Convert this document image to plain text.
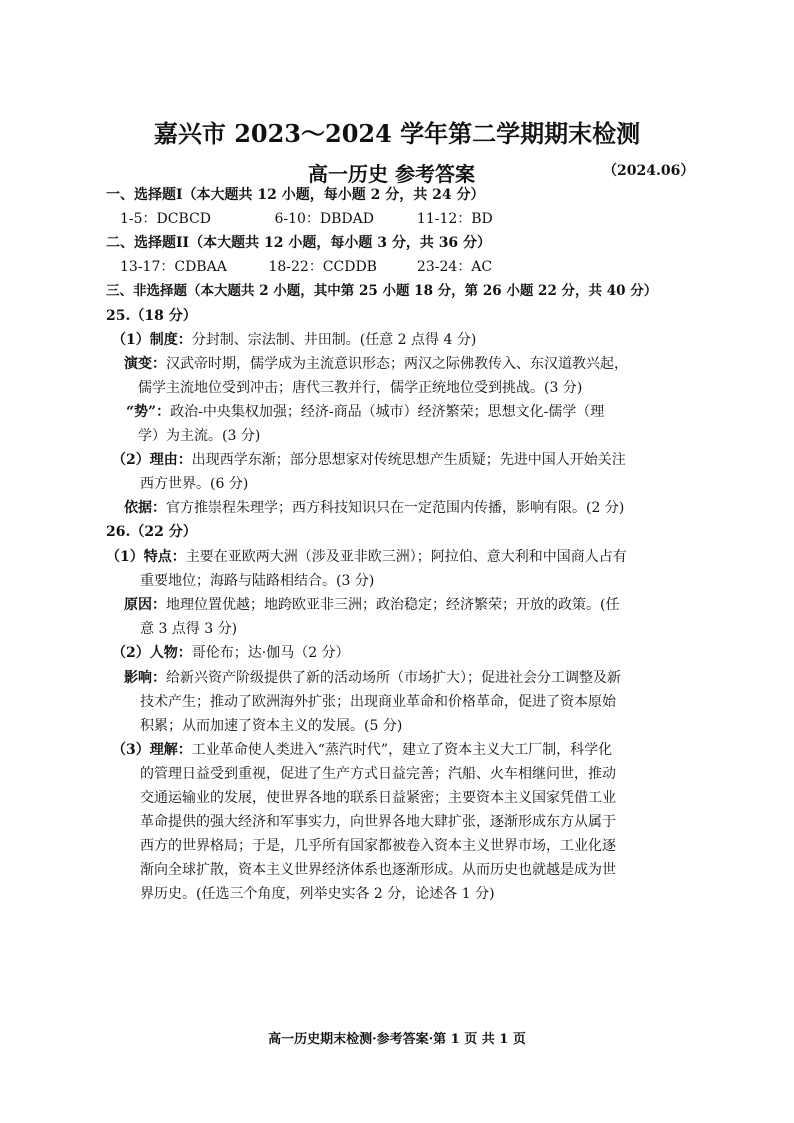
嘉兴市 2023～2024 学年第二学期期末检测
高一历史 参考答案	（2024.06）
一、选择题I（本大题共 12 小题，每小题 2 分，共 24 分）
1-5：DCBCD	6-10：DBDAD	11-12：BD
二、选择题II（本大题共 12 小题，每小题 3 分，共 36 分）
13-17：CDBAA	18-22：CCDDB	23-24：AC
三、非选择题（本大题共 2 小题，其中第 25 小题 18 分，第 26 小题 22 分，共 40 分）
25.（18 分）
（1）制度：分封制、宗法制、井田制。(任意 2 点得 4 分)
演变：汉武帝时期，儒学成为主流意识形态；两汉之际佛教传入、东汉道教兴起，
儒学主流地位受到冲击；唐代三教并行，儒学正统地位受到挑战。(3 分)
“势”：政治-中央集权加强；经济-商品（城市）经济繁荣；思想文化-儒学（理
学）为主流。(3 分)
（2）理由：出现西学东渐；部分思想家对传统思想产生质疑；先进中国人开始关注
西方世界。(6 分)
依据：官方推崇程朱理学；西方科技知识只在一定范围内传播，影响有限。(2 分)
26.（22 分）
（1）特点：主要在亚欧两大洲（涉及亚非欧三洲）；阿拉伯、意大利和中国商人占有
重要地位；海路与陆路相结合。(3 分)
原因：地理位置优越；地跨欧亚非三洲；政治稳定；经济繁荣；开放的政策。(任
意 3 点得 3 分)
（2）人物：哥伦布；达·伽马（2 分）
影响：给新兴资产阶级提供了新的活动场所（市场扩大）；促进社会分工调整及新
技术产生；推动了欧洲海外扩张；出现商业革命和价格革命，促进了资本原始
积累；从而加速了资本主义的发展。(5 分)
（3）理解：工业革命使人类进入“蒸汽时代”，建立了资本主义大工厂制，科学化
的管理日益受到重视，促进了生产方式日益完善；汽船、火车相继问世，推动
交通运输业的发展，使世界各地的联系日益紧密；主要资本主义国家凭借工业
革命提供的强大经济和军事实力，向世界各地大肆扩张，逐渐形成东方从属于
西方的世界格局；于是，几乎所有国家都被卷入资本主义世界市场，工业化逐
渐向全球扩散，资本主义世界经济体系也逐渐形成。从而历史也就越是成为世
界历史。(任选三个角度，列举史实各 2 分，论述各 1 分)
高一历史期末检测·参考答案·第 1 页 共 1 页
